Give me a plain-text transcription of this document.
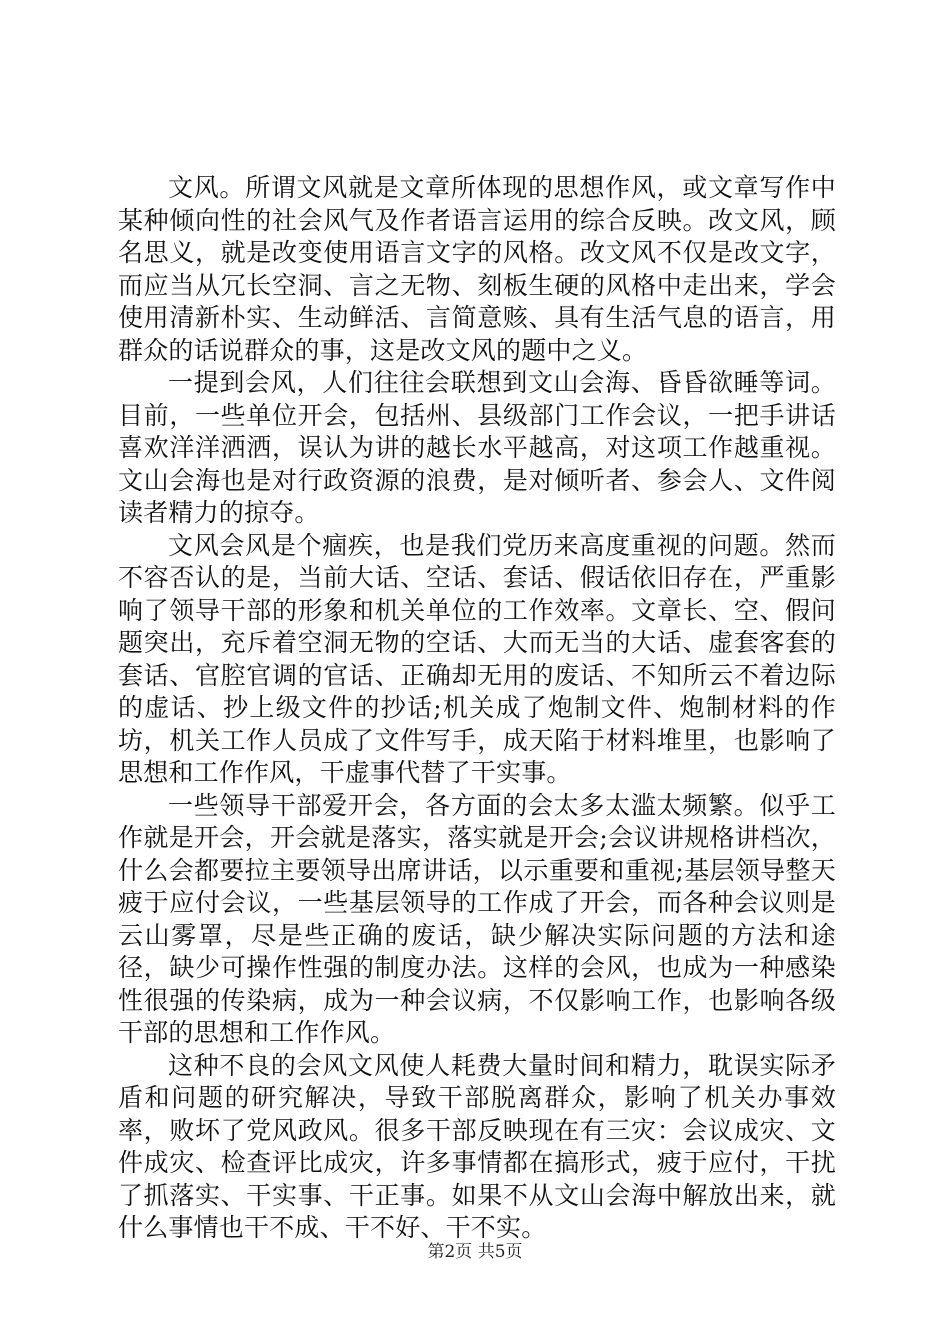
文风。所谓文风就是文章所体现的思想作风，或文章写作中某种倾向性的社会风气及作者语言运用的综合反映。改文风，顾名思义，就是改变使用语言文字的风格。改文风不仅是改文字，而应当从冗长空洞、言之无物、刻板生硬的风格中走出来，学会使用清新朴实、生动鲜活、言简意赅、具有生活气息的语言，用群众的话说群众的事，这是改文风的题中之义。

一提到会风，人们往往会联想到文山会海、昏昏欲睡等词。目前，一些单位开会，包括州、县级部门工作会议，一把手讲话喜欢洋洋洒洒，误认为讲的越长水平越高，对这项工作越重视。文山会海也是对行政资源的浪费，是对倾听者、参会人、文件阅读者精力的掠夺。

文风会风是个痼疾，也是我们党历来高度重视的问题。然而不容否认的是，当前大话、空话、套话、假话依旧存在，严重影响了领导干部的形象和机关单位的工作效率。文章长、空、假问题突出，充斥着空洞无物的空话、大而无当的大话、虚套客套的套话、官腔官调的官话、正确却无用的废话、不知所云不着边际的虚话、抄上级文件的抄话;机关成了炮制文件、炮制材料的作坊，机关工作人员成了文件写手，成天陷于材料堆里，也影响了思想和工作作风，干虚事代替了干实事。

一些领导干部爱开会，各方面的会太多太滥太频繁。似乎工作就是开会，开会就是落实，落实就是开会;会议讲规格讲档次，什么会都要拉主要领导出席讲话，以示重要和重视;基层领导整天疲于应付会议，一些基层领导的工作成了开会，而各种会议则是云山雾罩，尽是些正确的废话，缺少解决实际问题的方法和途径，缺少可操作性强的制度办法。这样的会风，也成为一种感染性很强的传染病，成为一种会议病，不仅影响工作，也影响各级干部的思想和工作作风。

这种不良的会风文风使人耗费大量时间和精力，耽误实际矛盾和问题的研究解决，导致干部脱离群众，影响了机关办事效率，败坏了党风政风。很多干部反映现在有三灾：会议成灾、文件成灾、检查评比成灾，许多事情都在搞形式，疲于应付，干扰了抓落实、干实事、干正事。如果不从文山会海中解放出来，就什么事情也干不成、干不好、干不实。

第2页 共5页
